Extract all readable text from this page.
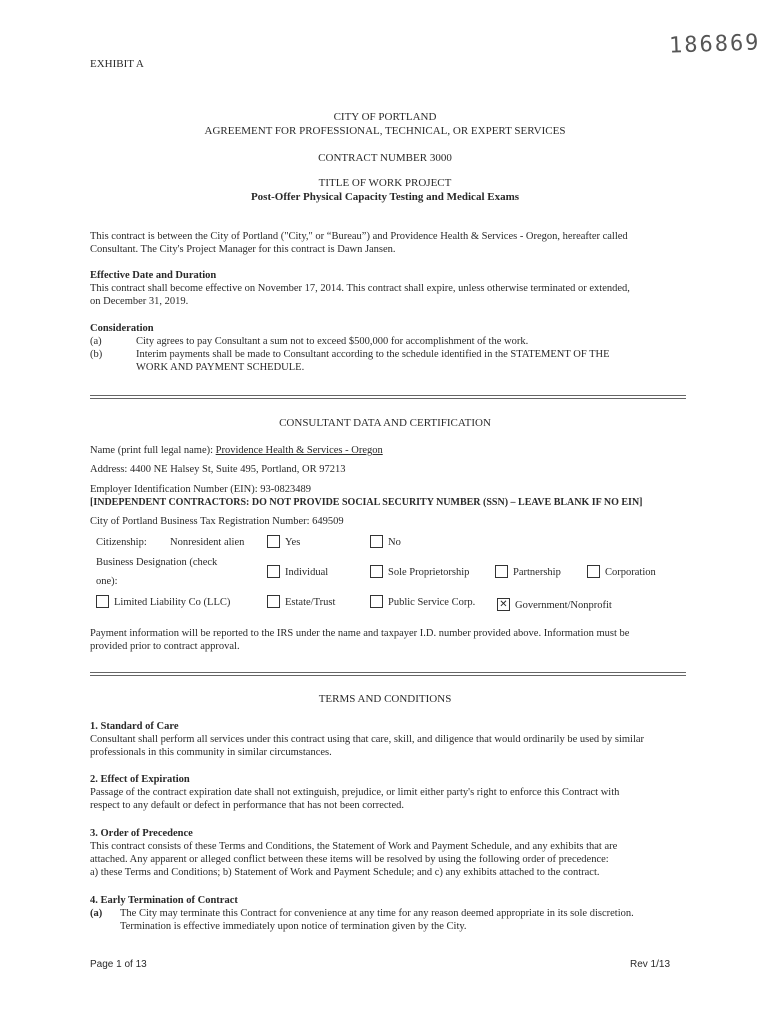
186869
EXHIBIT A
CITY OF PORTLAND
AGREEMENT FOR PROFESSIONAL, TECHNICAL, OR EXPERT SERVICES
CONTRACT NUMBER 3000
TITLE OF WORK PROJECT
Post-Offer Physical Capacity Testing and Medical Exams
This contract is between the City of Portland ("City," or “Bureau”) and Providence Health & Services - Oregon, hereafter called
Consultant. The City's Project Manager for this contract is Dawn Jansen.
Effective Date and Duration
This contract shall become effective on November 17, 2014. This contract shall expire, unless otherwise terminated or extended,
on December 31, 2019.
Consideration
(a)	City agrees to pay Consultant a sum not to exceed $500,000 for accomplishment of the work.
(b)	Interim payments shall be made to Consultant according to the schedule identified in the STATEMENT OF THE
WORK AND PAYMENT SCHEDULE.
CONSULTANT DATA AND CERTIFICATION
Name (print full legal name): Providence Health & Services - Oregon
Address: 4400 NE Halsey St, Suite 495, Portland, OR 97213
Employer Identification Number (EIN): 93-0823489
[INDEPENDENT CONTRACTORS: DO NOT PROVIDE SOCIAL SECURITY NUMBER (SSN) – LEAVE BLANK IF NO EIN]
City of Portland Business Tax Registration Number: 649509
Citizenship: Nonresident alien	Yes	No
Business Designation (check
one):
Individual	Sole Proprietorship	Partnership	Corporation
Limited Liability Co (LLC)	Estate/Trust	Public Service Corp. ✕ Government/Nonprofit
Payment information will be reported to the IRS under the name and taxpayer I.D. number provided above. Information must be
provided prior to contract approval.
TERMS AND CONDITIONS
1. Standard of Care
Consultant shall perform all services under this contract using that care, skill, and diligence that would ordinarily be used by similar
professionals in this community in similar circumstances.
2. Effect of Expiration
Passage of the contract expiration date shall not extinguish, prejudice, or limit either party's right to enforce this Contract with
respect to any default or defect in performance that has not been corrected.
3. Order of Precedence
This contract consists of these Terms and Conditions, the Statement of Work and Payment Schedule, and any exhibits that are
attached. Any apparent or alleged conflict between these items will be resolved by using the following order of precedence:
a) these Terms and Conditions; b) Statement of Work and Payment Schedule; and c) any exhibits attached to the contract.
4. Early Termination of Contract
(a)	The City may terminate this Contract for convenience at any time for any reason deemed appropriate in its sole discretion.
Termination is effective immediately upon notice of termination given by the City.
Page 1 of 13	Rev 1/13
